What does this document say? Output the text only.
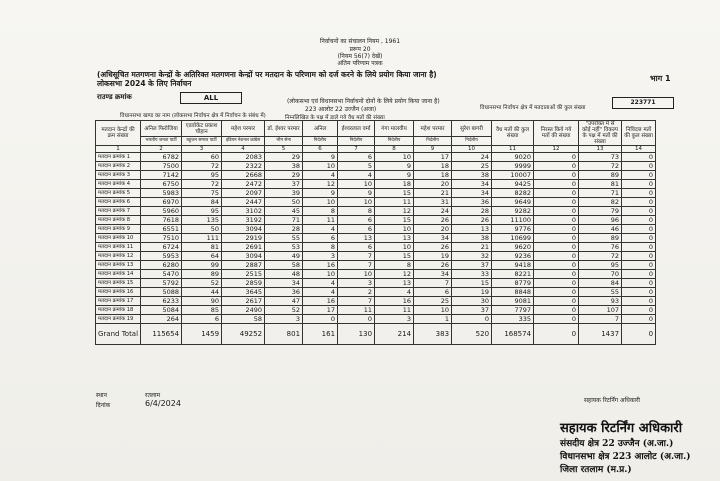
निर्वाचनों का संचालन नियम , 1961
प्ररूप 20
(नियम 56(7) देखें)
अंतिम परिणाम पत्रक
(अधिसूचित मतगणना केन्द्रों के अतिरिक्त मतगणना केन्द्रों पर मतदान के परिणाम को दर्ज करने के लिये प्रयोग किया जाना है)
लोकसभा 2024 के लिए निर्वाचन
भाग 1
राउण्ड क्रमांक	ALL	(लोकसभा एवं विधानसभा निर्वाचनों दोनों के लिये प्रयोग किया जाना है)
223 आलोट 22 उज्जैन (अजा)	विधानसभा निर्वाचन क्षेत्र में मतदाताओं की कुल संख्या
223771
विधानसभा खण्ड का नाम (लोकसभा निर्वाचन क्षेत्र में निर्वाचन के संबंध में)	निम्नलिखित के पक्ष में डाले गये वैध मतों की संख्या
मतदान केन्द्रों की क्रम संख्या	अनिल फिरोजिया	एडवोकेट प्रकाश चौहान	महेश परमार	डॉ. ईश्वर परमार	अनिल	ईश्वरलाल वर्मा	गंगा मालवीय	महेश परमार	सुरेश बागरी	वैध मतों की कुल संख्या	निरस्त किये गये मतों की संख्या	"उपरोक्त में से कोई नहीं" विकल्प के पक्ष में मतों की संख्या	निविदत्त मतों की कुल संख्या
	भारतीय जनता पार्टी	बहुजन समाज पार्टी	इंडियन नेशनल कांग्रेस	भीम सेना	निर्दलीय	निर्दलीय	निर्दलीय	निर्दलीय	निर्दलीय				
1	2	3	4	5	6	7	8	9	10	11	12	13	14
मतदान क्रमांक 1	6782	60	2083	29	9	6	10	17	24	9020	0	73	0
मतदान क्रमांक 2	7500	72	2322	38	10	5	9	18	25	9999	0	72	0
मतदान क्रमांक 3	7142	95	2668	29	4	4	9	18	38	10007	0	89	0
मतदान क्रमांक 4	6750	72	2472	37	12	10	18	20	34	9425	0	81	0
मतदान क्रमांक 5	5983	75	2097	39	9	9	15	21	34	8282	0	71	0
मतदान क्रमांक 6	6970	84	2447	50	10	10	11	31	36	9649	0	82	0
मतदान क्रमांक 7	5960	95	3102	45	8	8	12	24	28	9282	0	79	0
मतदान क्रमांक 8	7618	135	3192	71	11	6	15	26	26	11100	0	96	0
मतदान क्रमांक 9	6551	50	3094	28	4	6	10	20	13	9776	0	46	0
मतदान क्रमांक 10	7510	111	2919	55	6	13	13	34	38	10699	0	89	0
मतदान क्रमांक 11	6724	81	2691	53	8	6	10	26	21	9620	0	76	0
मतदान क्रमांक 12	5953	64	3094	49	3	7	15	19	32	9236	0	72	0
मतदान क्रमांक 13	6280	99	2887	58	16	7	8	26	37	9418	0	95	0
मतदान क्रमांक 14	5470	89	2515	48	10	10	12	34	33	8221	0	70	0
मतदान क्रमांक 15	5792	52	2859	34	4	3	13	7	15	8779	0	84	0
मतदान क्रमांक 16	5088	44	3645	36	4	2	4	6	19	8848	0	55	0
मतदान क्रमांक 17	6233	90	2617	47	16	7	16	25	30	9081	0	93	0
मतदान क्रमांक 18	5084	85	2490	52	17	11	11	10	37	7797	0	107	0
मतदान क्रमांक 19	264	6	58	3	0	0	3	1	0	335	0	7	0
Grand Total	115654	1459	49252	801	161	130	214	383	520	168574	0	1437	0
स्थान	रतलाम
दिनांक	6/4/2024	सहायक रिटर्निंग अधिकारी
सहायक रिटर्निंग अधिकारी
संसदीय क्षेत्र 22 उज्जैन (अ.जा.)
विधानसभा क्षेत्र 223 आलोट (अ.जा.)
जिला रतलाम (म.प्र.)
